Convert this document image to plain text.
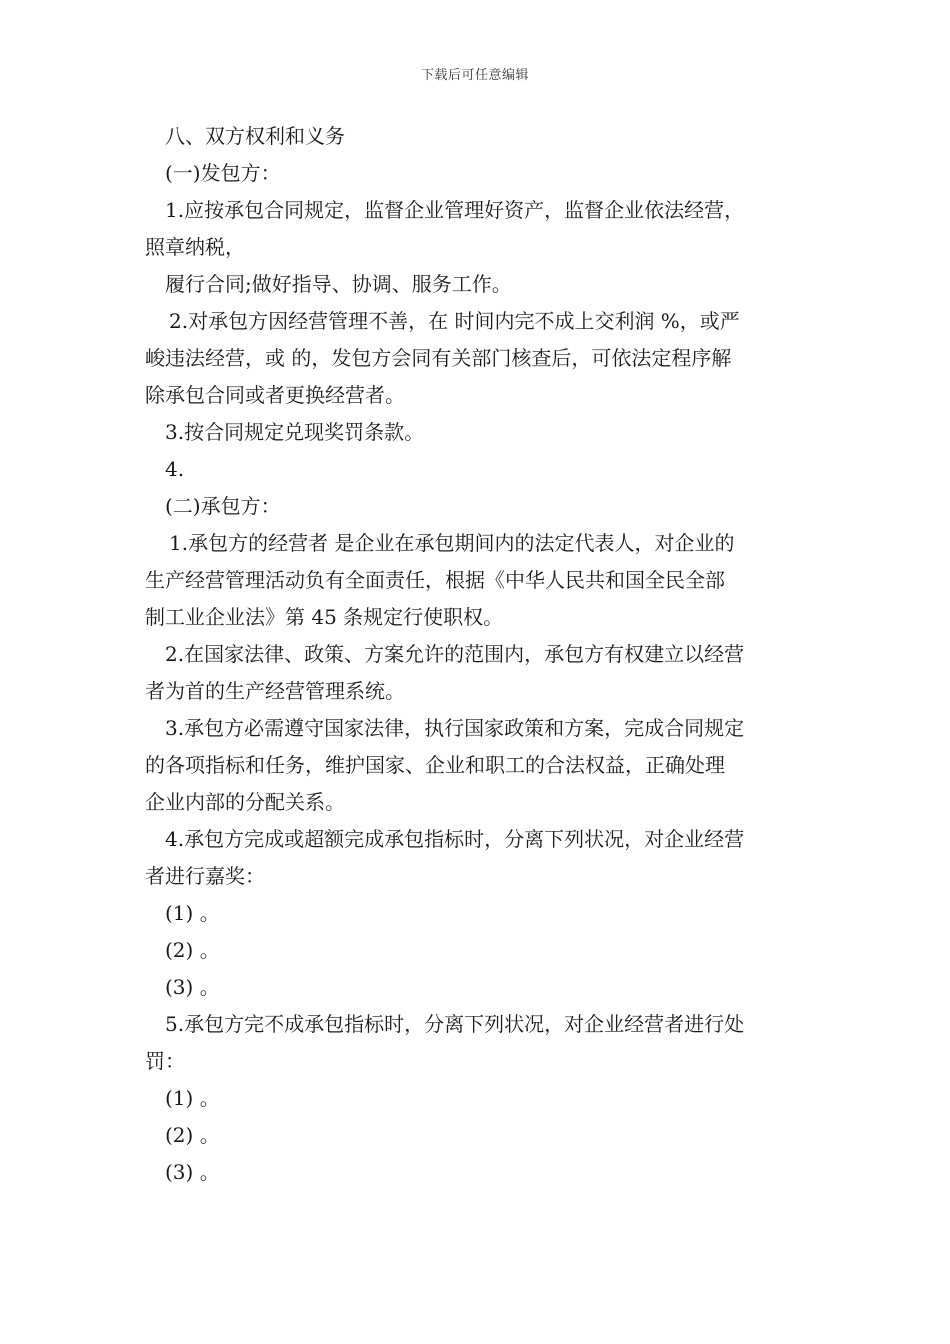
下载后可任意编辑

八、双方权利和义务

(一)发包方：

1.应按承包合同规定，监督企业管理好资产，监督企业依法经营，

照章纳税，

履行合同;做好指导、协调、服务工作。

2.对承包方因经营管理不善，在 时间内完不成上交利润 %，或严

峻违法经营，或 的，发包方会同有关部门核查后，可依法定程序解

除承包合同或者更换经营者。

3.按合同规定兑现奖罚条款。

4.

(二)承包方：

1.承包方的经营者 是企业在承包期间内的法定代表人，对企业的

生产经营管理活动负有全面责任，根据《中华人民共和国全民全部

制工业企业法》第 45 条规定行使职权。

2.在国家法律、政策、方案允许的范围内，承包方有权建立以经营

者为首的生产经营管理系统。

3.承包方必需遵守国家法律，执行国家政策和方案，完成合同规定

的各项指标和任务，维护国家、企业和职工的合法权益，正确处理

企业内部的分配关系。

4.承包方完成或超额完成承包指标时，分离下列状况，对企业经营

者进行嘉奖：

(1) 。

(2) 。

(3) 。

5.承包方完不成承包指标时，分离下列状况，对企业经营者进行处

罚：

(1) 。

(2) 。

(3) 。
